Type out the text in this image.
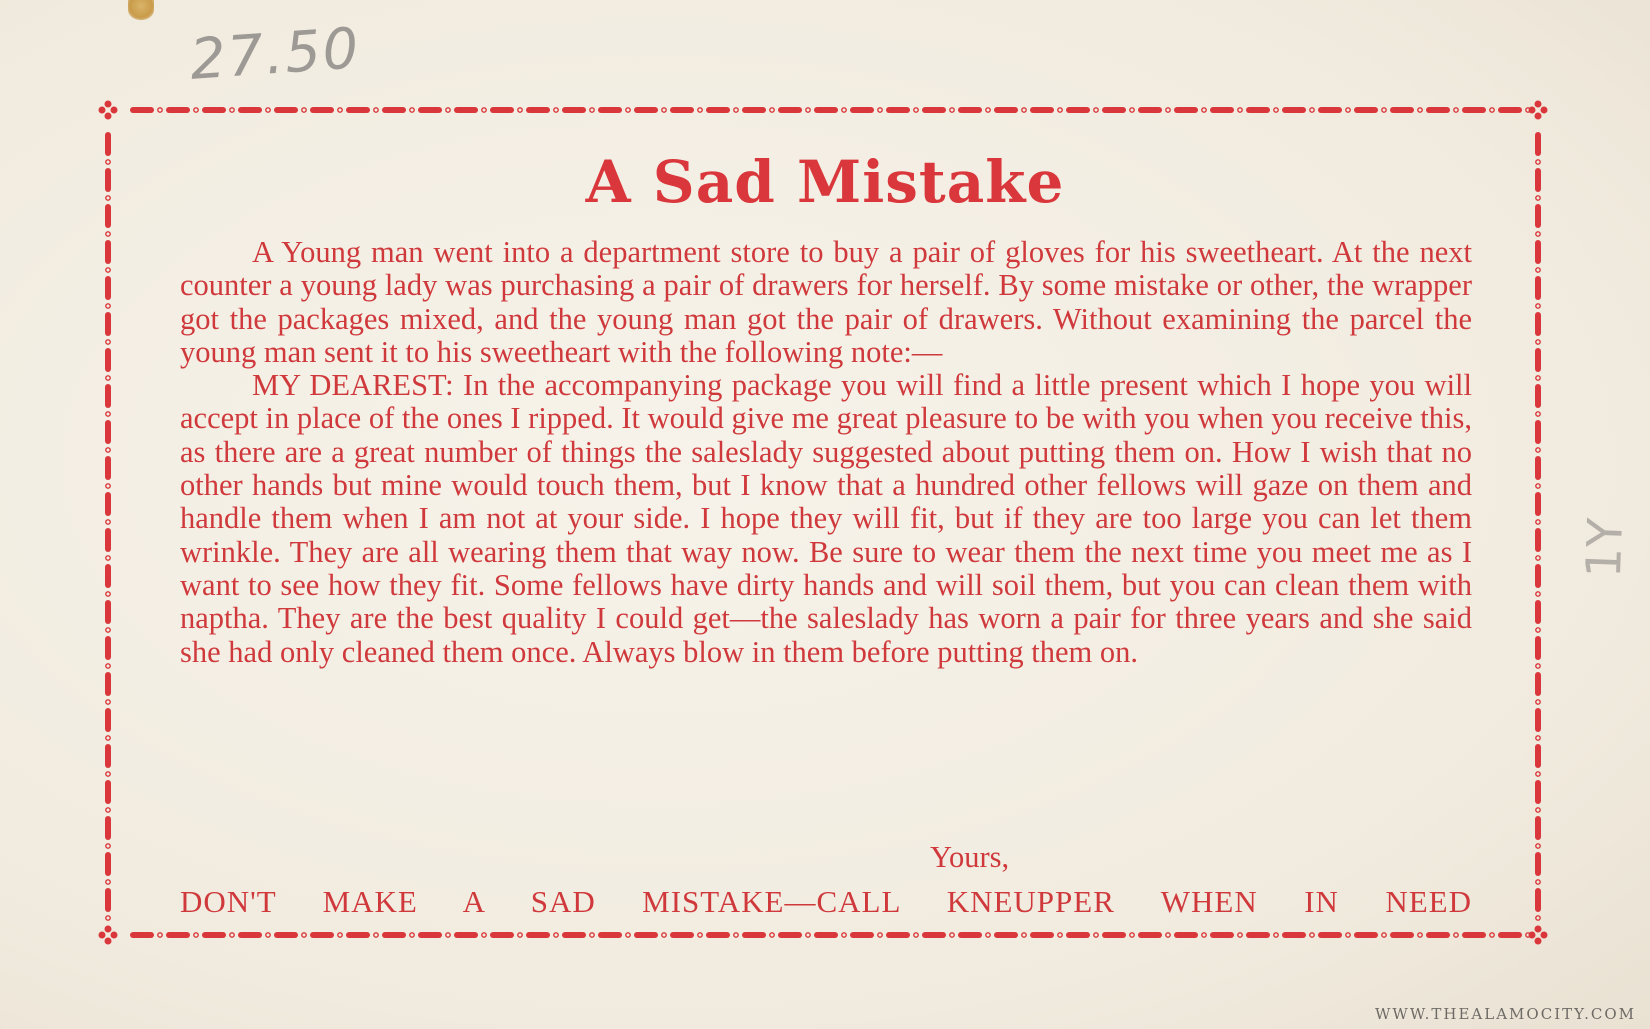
27.50
1Y
A Sad Mistake

A Young man went into a department store to buy a pair of gloves for his sweetheart. At the next counter a young lady was purchasing a pair of drawers for herself. By some mistake or other, the wrapper got the packages mixed, and the young man got the pair of drawers. Without examining the parcel the young man sent it to his sweetheart with the following note:—

MY DEAREST: In the accompanying package you will find a little present which I hope you will accept in place of the ones I ripped. It would give me great pleasure to be with you when you receive this, as there are a great number of things the saleslady suggested about putting them on. How I wish that no other hands but mine would touch them, but I know that a hundred other fellows will gaze on them and handle them when I am not at your side. I hope they will fit, but if they are too large you can let them wrinkle. They are all wearing them that way now. Be sure to wear them the next time you meet me as I want to see how they fit. Some fellows have dirty hands and will soil them, but you can clean them with naptha. They are the best quality I could get—the saleslady has worn a pair for three years and she said she had only cleaned them once. Always blow in them before putting them on.

Yours,
DON'T MAKE A SAD MISTAKE—CALL KNEUPPER WHEN IN NEED
WWW.THEALAMOCITY.COM
